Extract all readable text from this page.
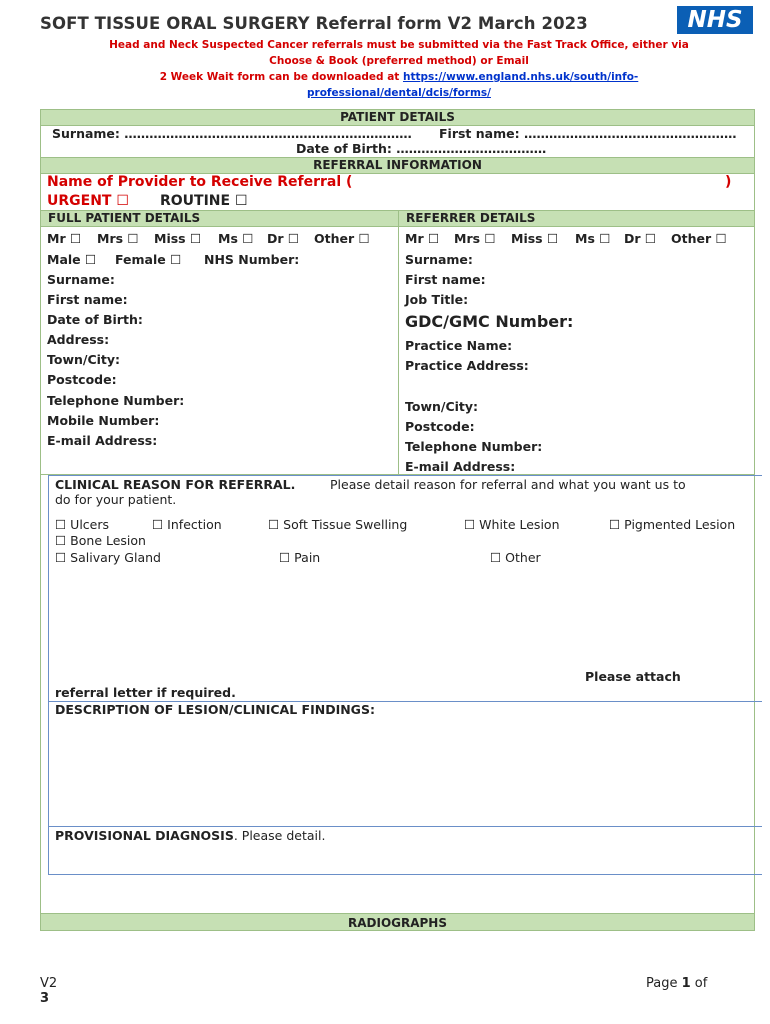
SOFT TISSUE ORAL SURGERY Referral form V2 March 2023	NHS
Head and Neck Suspected Cancer referrals must be submitted via the Fast Track Office, either via
Choose & Book (preferred method) or Email
2 Week Wait form can be downloaded at https://www.england.nhs.uk/south/info-
professional/dental/dcis/forms/
PATIENT DETAILS
Surname: …………………………………………………………… First name: ……………………………………………
Date of Birth: ………………………………
REFERRAL INFORMATION
Name of Provider to Receive Referral (	)
URGENT ☐ ROUTINE ☐
FULL PATIENT DETAILS	REFERRER DETAILS
Mr ☐ Mrs ☐ Miss ☐ Ms ☐ Dr ☐ Other ☐
Male ☐ Female ☐ NHS Number:
Surname:
First name:
Date of Birth:
Address:
Town/City:
Postcode:
Telephone Number:
Mobile Number:
E-mail Address:
Mr ☐ Mrs ☐ Miss ☐ Ms ☐ Dr ☐ Other ☐
Surname:
First name:
Job Title:
GDC/GMC Number:
Practice Name:
Practice Address:
Town/City:
Postcode:
Telephone Number:
E-mail Address:
CLINICAL REASON FOR REFERRAL.	Please detail reason for referral and what you want us to
do for your patient.
☐ Ulcers	☐ Infection	☐ Soft Tissue Swelling	☐ White Lesion	☐ Pigmented Lesion
☐ Bone Lesion
☐ Salivary Gland	☐ Pain	☐ Other
Please attach
referral letter if required.
DESCRIPTION OF LESION/CLINICAL FINDINGS:
PROVISIONAL DIAGNOSIS. Please detail.
RADIOGRAPHS
V2
3
Page 1 of
